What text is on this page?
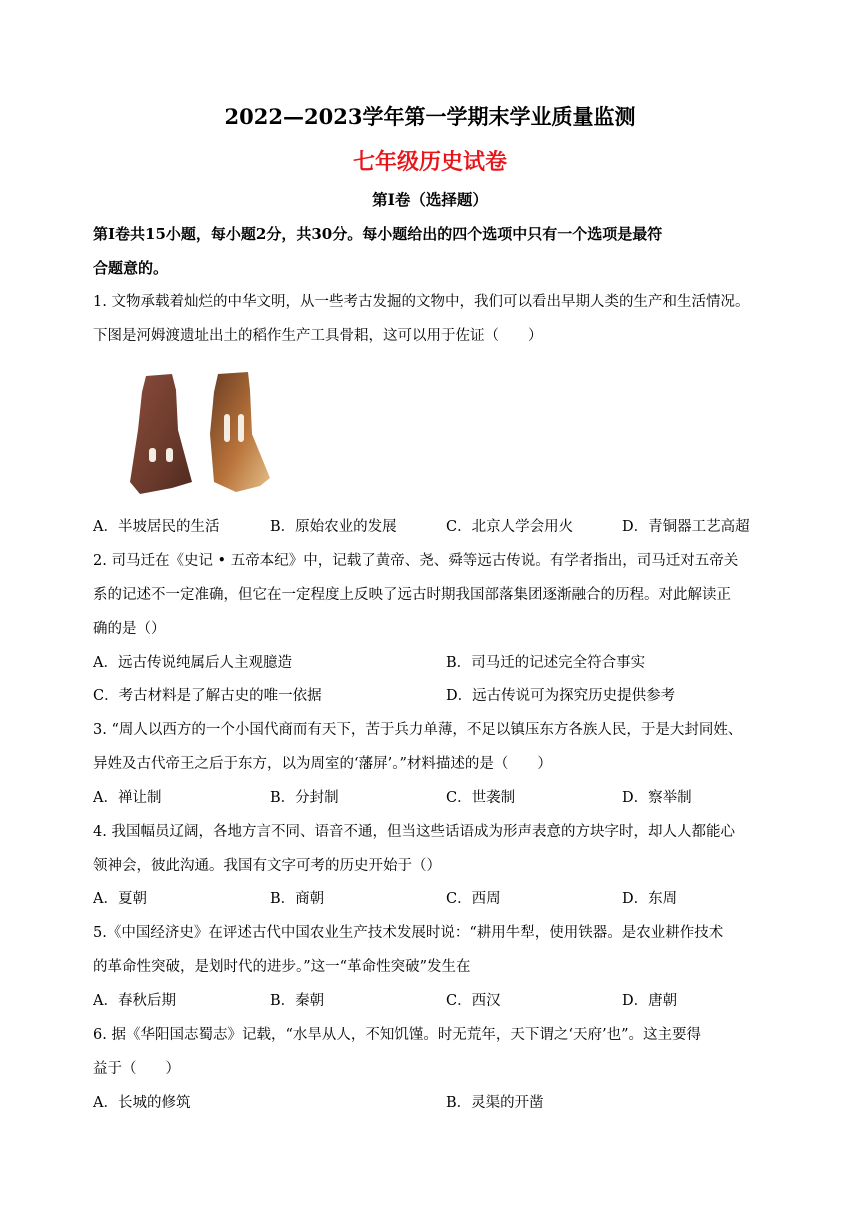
2022—2023学年第一学期末学业质量监测
七年级历史试卷
第Ⅰ卷（选择题）
第Ⅰ卷共15小题，每小题2分，共30分。每小题给出的四个选项中只有一个选项是最符
合题意的。
1. 文物承载着灿烂的中华文明，从一些考古发掘的文物中，我们可以看出早期人类的生产和生活情况。
下图是河姆渡遗址出土的稻作生产工具骨耜，这可以用于佐证（　　）
A．半坡居民的生活	B．原始农业的发展	C．北京人学会用火	D．青铜器工艺高超
2. 司马迁在《史记 • 五帝本纪》中，记载了黄帝、尧、舜等远古传说。有学者指出，司马迁对五帝关
系的记述不一定准确，但它在一定程度上反映了远古时期我国部落集团逐渐融合的历程。对此解读正
确的是（）
A．远古传说纯属后人主观臆造	B．司马迁的记述完全符合事实
C．考古材料是了解古史的唯一依据	D．远古传说可为探究历史提供参考
3. “周人以西方的一个小国代商而有天下，苦于兵力单薄，不足以镇压东方各族人民，于是大封同姓、
异姓及古代帝王之后于东方，以为周室的‘藩屏’。”材料描述的是（　　）
A．禅让制	B．分封制	C．世袭制	D．察举制
4. 我国幅员辽阔，各地方言不同、语音不通，但当这些话语成为形声表意的方块字时，却人人都能心
领神会，彼此沟通。我国有文字可考的历史开始于（）
A．夏朝	B．商朝	C．西周	D．东周
5.《中国经济史》在评述古代中国农业生产技术发展时说：“耕用牛犁，使用铁器。是农业耕作技术
的革命性突破，是划时代的进步。”这一“革命性突破”发生在
A．春秋后期	B．秦朝	C．西汉	D．唐朝
6. 据《华阳国志蜀志》记载，“水旱从人，不知饥馑。时无荒年，天下谓之‘天府’也”。这主要得
益于（　　）
A．长城的修筑	B．灵渠的开凿
